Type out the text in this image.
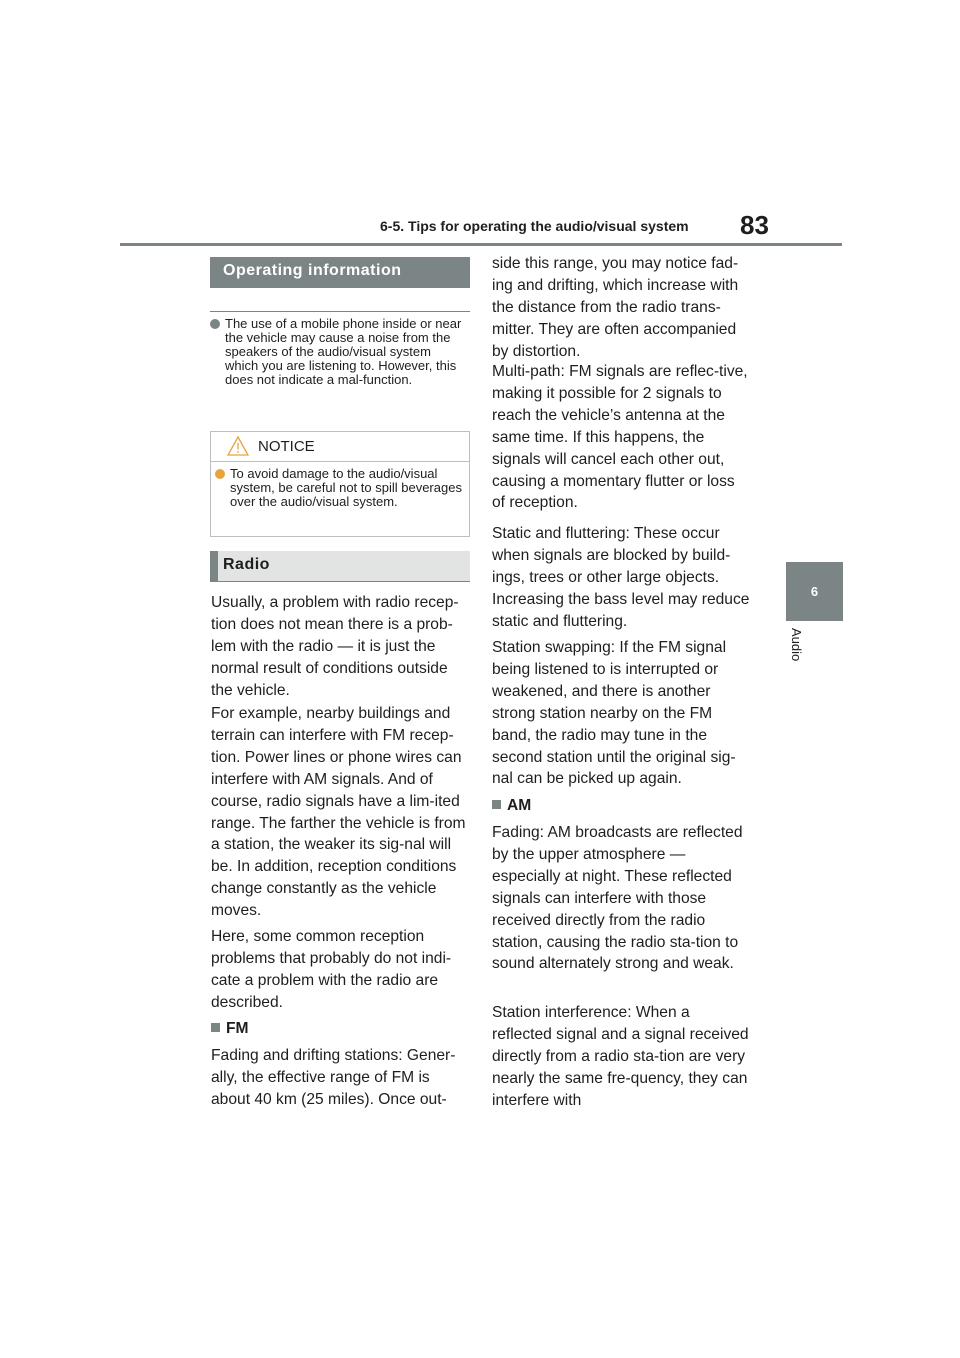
6-5. Tips for operating the audio/visual system	83
6
Audio
Operating information
The use of a mobile phone inside or near the vehicle may cause a noise from the speakers of the audio/visual system which you are listening to. However, this does not indicate a mal-function.
NOTICE
To avoid damage to the audio/visual system, be careful not to spill beverages over the audio/visual system.
Radio

Usually, a problem with radio recep-tion does not mean there is a prob-lem with the radio — it is just the normal result of conditions outside the vehicle.

For example, nearby buildings and terrain can interfere with FM recep-tion. Power lines or phone wires can interfere with AM signals. And of course, radio signals have a lim-ited range. The farther the vehicle is from a station, the weaker its sig-nal will be. In addition, reception conditions change constantly as the vehicle moves.

Here, some common reception problems that probably do not indi-cate a problem with the radio are described.

FM

Fading and drifting stations: Gener-ally, the effective range of FM is about 40 km (25 miles). Once out-

side this range, you may notice fad-ing and drifting, which increase with the distance from the radio trans-mitter. They are often accompanied by distortion.

Multi-path: FM signals are reflec-tive, making it possible for 2 signals to reach the vehicle’s antenna at the same time. If this happens, the signals will cancel each other out, causing a momentary flutter or loss of reception.

Static and fluttering: These occur when signals are blocked by build-ings, trees or other large objects. Increasing the bass level may reduce static and fluttering.

Station swapping: If the FM signal being listened to is interrupted or weakened, and there is another strong station nearby on the FM band, the radio may tune in the second station until the original sig-nal can be picked up again.

AM

Fading: AM broadcasts are reflected by the upper atmosphere — especially at night. These reflected signals can interfere with those received directly from the radio station, causing the radio sta-tion to sound alternately strong and weak.

Station interference: When a reflected signal and a signal received directly from a radio sta-tion are very nearly the same fre-quency, they can interfere with
